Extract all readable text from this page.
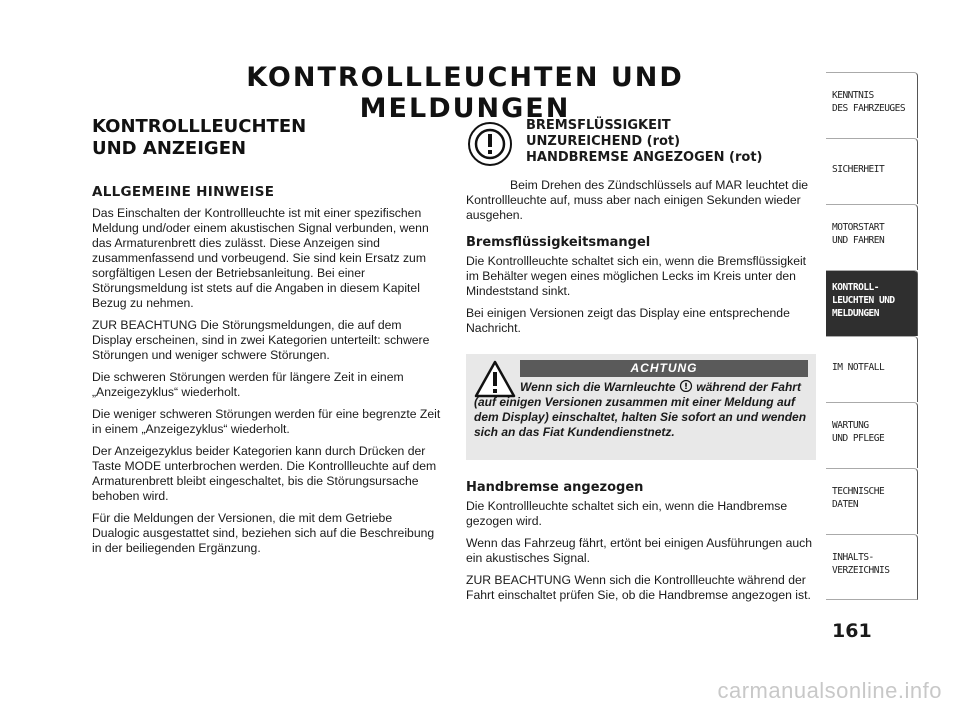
KONTROLLLEUCHTEN UND MELDUNGEN
KONTROLLLEUCHTEN
UND ANZEIGEN
ALLGEMEINE HINWEISE

Das Einschalten der Kontrollleuchte ist mit einer spezifischen Meldung und/oder einem akustischen Signal verbunden, wenn das Armaturenbrett dies zulässt. Diese Anzeigen sind zusammenfassend und vorbeugend. Sie sind kein Ersatz zum sorgfältigen Lesen der Betriebsanleitung. Bei einer Störungsmeldung ist stets auf die Angaben in diesem Kapitel Bezug zu nehmen.

ZUR BEACHTUNG Die Störungsmeldungen, die auf dem Display erscheinen, sind in zwei Kategorien unterteilt: schwere Störungen und weniger schwere Störungen.

Die schweren Störungen werden für längere Zeit in einem „Anzeigezyklus“ wiederholt.

Die weniger schweren Störungen werden für eine begrenzte Zeit in einem „Anzeigezyklus“ wiederholt.

Der Anzeigezyklus beider Kategorien kann durch Drücken der Taste MODE unterbrochen werden. Die Kontrollleuchte auf dem Armaturenbrett bleibt eingeschaltet, bis die Störungsursache behoben wird.

Für die Meldungen der Versionen, die mit dem Getriebe Dualogic ausgestattet sind, beziehen sich auf die Beschreibung in der beiliegenden Ergänzung.

BREMSFLÜSSIGKEIT
UNZUREICHEND (rot)
HANDBREMSE ANGEZOGEN (rot)

Beim Drehen des Zündschlüssels auf MAR leuchtet die Kontrollleuchte auf, muss aber nach einigen Sekunden wieder ausgehen.

Bremsflüssigkeitsmangel

Die Kontrollleuchte schaltet sich ein, wenn die Bremsflüssigkeit im Behälter wegen eines möglichen Lecks im Kreis unter den Mindeststand sinkt.

Bei einigen Versionen zeigt das Display eine entsprechende Nachricht.

ACHTUNG
Wenn sich die Warnleuchte während der Fahrt (auf einigen Versionen zusammen mit einer Meldung auf dem Display) einschaltet, halten Sie sofort an und wenden sich an das Fiat Kundendienstnetz.
Handbremse angezogen

Die Kontrollleuchte schaltet sich ein, wenn die Handbremse gezogen wird.

Wenn das Fahrzeug fährt, ertönt bei einigen Ausführungen auch ein akustisches Signal.

ZUR BEACHTUNG Wenn sich die Kontrollleuchte während der Fahrt einschaltet prüfen Sie, ob die Handbremse angezogen ist.

KENNTNIS
DES FAHRZEUGES
SICHERHEIT
MOTORSTART
UND FAHREN
KONTROLL-
LEUCHTEN UND
MELDUNGEN
IM NOTFALL
WARTUNG
UND PFLEGE
TECHNISCHE
DATEN
INHALTS-
VERZEICHNIS
161
carmanualsonline.info
